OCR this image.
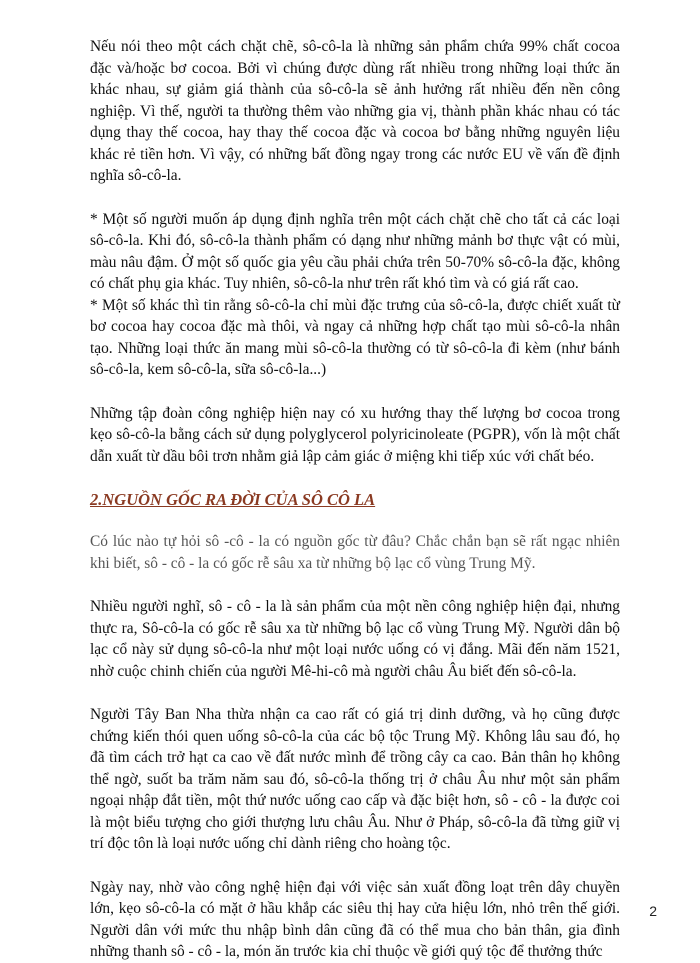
Nếu nói theo một cách chặt chẽ, sô-cô-la là những sản phẩm chứa 99% chất cocoa đặc và/hoặc bơ cocoa. Bởi vì chúng được dùng rất nhiều trong những loại thức ăn khác nhau, sự giảm giá thành của sô-cô-la sẽ ảnh hưởng rất nhiều đến nền công nghiệp. Vì thế, người ta thường thêm vào những gia vị, thành phần khác nhau có tác dụng thay thế cocoa, hay thay thế cocoa đặc và cocoa bơ bằng những nguyên liệu khác rẻ tiền hơn. Vì vậy, có những bất đồng ngay trong các nước EU về vấn đề định nghĩa sô-cô-la.

* Một số người muốn áp dụng định nghĩa trên một cách chặt chẽ cho tất cả các loại sô-cô-la. Khi đó, sô-cô-la thành phẩm có dạng như những mảnh bơ thực vật có mùi, màu nâu đậm. Ở một số quốc gia yêu cầu phải chứa trên 50-70% sô-cô-la đặc, không có chất phụ gia khác. Tuy nhiên, sô-cô-la như trên rất khó tìm và có giá rất cao.

* Một số khác thì tin rằng sô-cô-la chỉ mùi đặc trưng của sô-cô-la, được chiết xuất từ bơ cocoa hay cocoa đặc mà thôi, và ngay cả những hợp chất tạo mùi sô-cô-la nhân tạo. Những loại thức ăn mang mùi sô-cô-la thường có từ sô-cô-la đi kèm (như bánh sô-cô-la, kem sô-cô-la, sữa sô-cô-la...)

Những tập đoàn công nghiệp hiện nay có xu hướng thay thế lượng bơ cocoa trong kẹo sô-cô-la bằng cách sử dụng polyglycerol polyricinoleate (PGPR), vốn là một chất dẫn xuất từ dầu bôi trơn nhằm giả lập cảm giác ở miệng khi tiếp xúc với chất béo.

2.NGUỒN GỐC RA ĐỜI CỦA SÔ CÔ LA

Có lúc nào tự hỏi sô -cô - la có nguồn gốc từ đâu? Chắc chắn bạn sẽ rất ngạc nhiên khi biết, sô - cô - la có gốc rễ sâu xa từ những bộ lạc cổ vùng Trung Mỹ.

Nhiều người nghĩ, sô - cô - la là sản phẩm của một nền công nghiệp hiện đại, nhưng thực ra, Sô-cô-la có gốc rễ sâu xa từ những bộ lạc cổ vùng Trung Mỹ. Người dân bộ lạc cổ này sử dụng sô-cô-la như một loại nước uống có vị đắng. Mãi đến năm 1521, nhờ cuộc chinh chiến của người Mê-hi-cô mà người châu Âu biết đến sô-cô-la.

Người Tây Ban Nha thừa nhận ca cao rất có giá trị dinh dưỡng, và họ cũng được chứng kiến thói quen uống sô-cô-la của các bộ tộc Trung Mỹ. Không lâu sau đó, họ đã tìm cách trở hạt ca cao về đất nước mình để trồng cây ca cao. Bản thân họ không thể ngờ, suốt ba trăm năm sau đó, sô-cô-la thống trị ở châu Âu như một sản phẩm ngoại nhập đắt tiền, một thứ nước uống cao cấp và đặc biệt hơn, sô - cô - la được coi là một biểu tượng cho giới thượng lưu châu Âu. Như ở Pháp, sô-cô-la đã từng giữ vị trí độc tôn là loại nước uống chỉ dành riêng cho hoàng tộc.

Ngày nay, nhờ vào công nghệ hiện đại với việc sản xuất đồng loạt trên dây chuyền lớn, kẹo sô-cô-la có mặt ở hầu khắp các siêu thị hay cửa hiệu lớn, nhỏ trên thế giới. Người dân với mức thu nhập bình dân cũng đã có thể mua cho bản thân, gia đình những thanh sô - cô - la, món ăn trước kia chỉ thuộc về giới quý tộc để thưởng thức

2
